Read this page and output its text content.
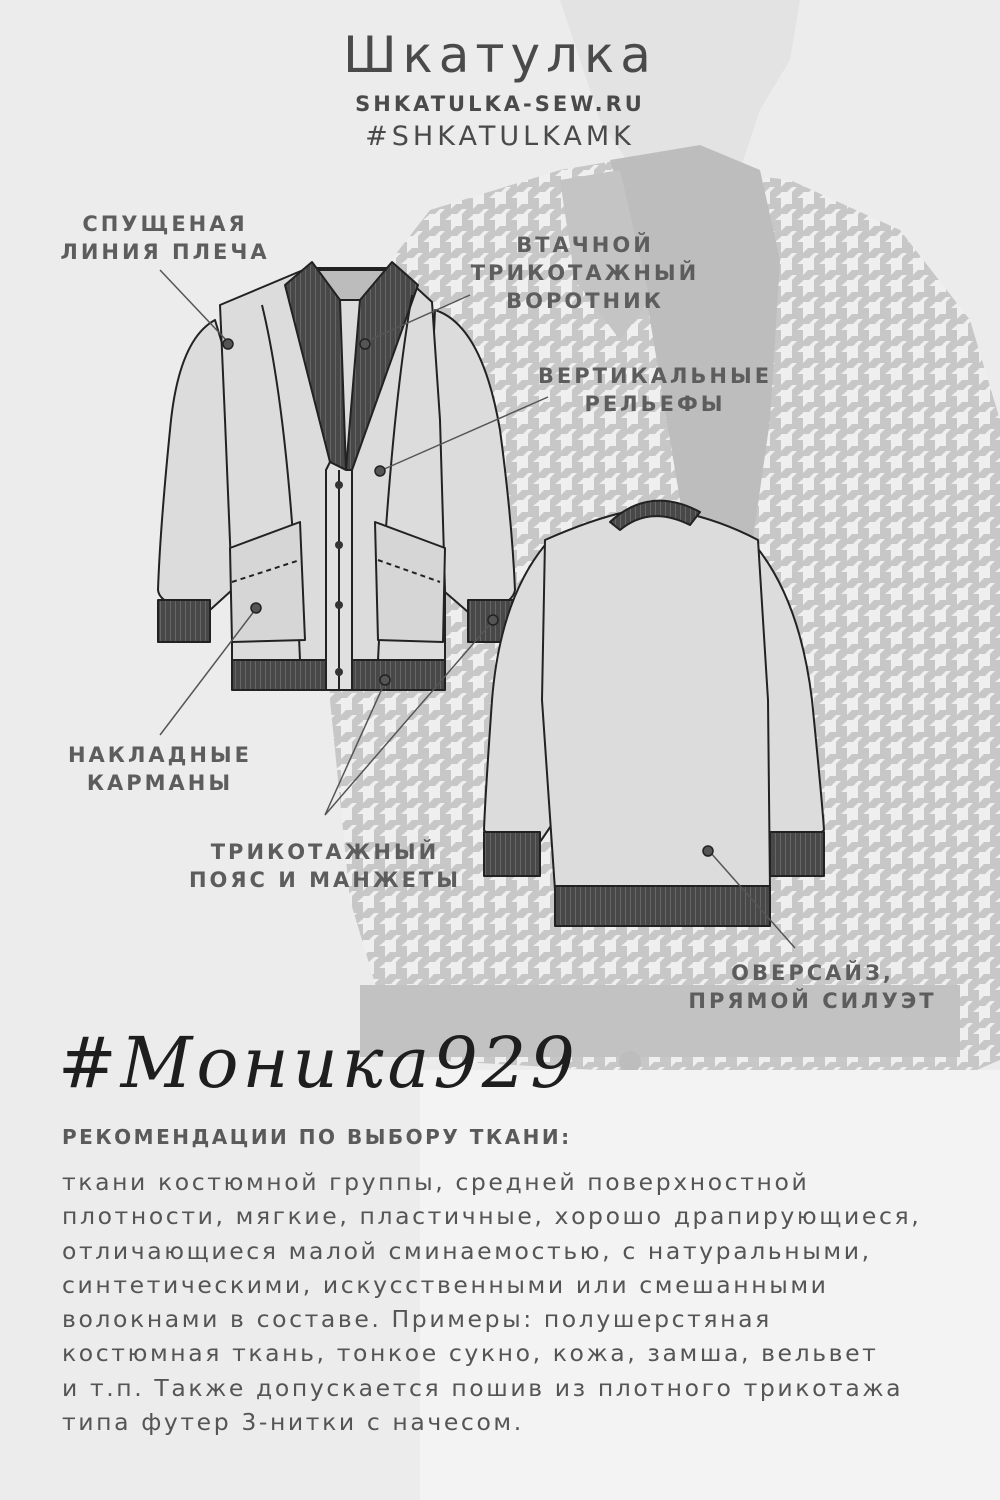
Шкатулка
SHKATULKA-SEW.RU
#SHKATULKAMK
СПУЩЕНАЯ
ЛИНИЯ ПЛЕЧА	ВТАЧНОЙ
ТРИКОТАЖНЫЙ
ВОРОТНИК
ВЕРТИКАЛЬНЫЕ
РЕЛЬЕФЫ
НАКЛАДНЫЕ
КАРМАНЫ
ТРИКОТАЖНЫЙ
ПОЯС И МАНЖЕТЫ
ОВЕРСАЙЗ,
ПРЯМОЙ СИЛУЭТ
#Моника929
РЕКОМЕНДАЦИИ ПО ВЫБОРУ ТКАНИ:
ткани костюмной группы, средней поверхностной
плотности, мягкие, пластичные, хорошо драпирующиеся,
отличающиеся малой сминаемостью, с натуральными,
синтетическими, искусственными или смешанными
волокнами в составе. Примеры: полушерстяная
костюмная ткань, тонкое сукно, кожа, замша, вельвет
и т.п. Также допускается пошив из плотного трикотажа
типа футер 3-нитки с начесом.
